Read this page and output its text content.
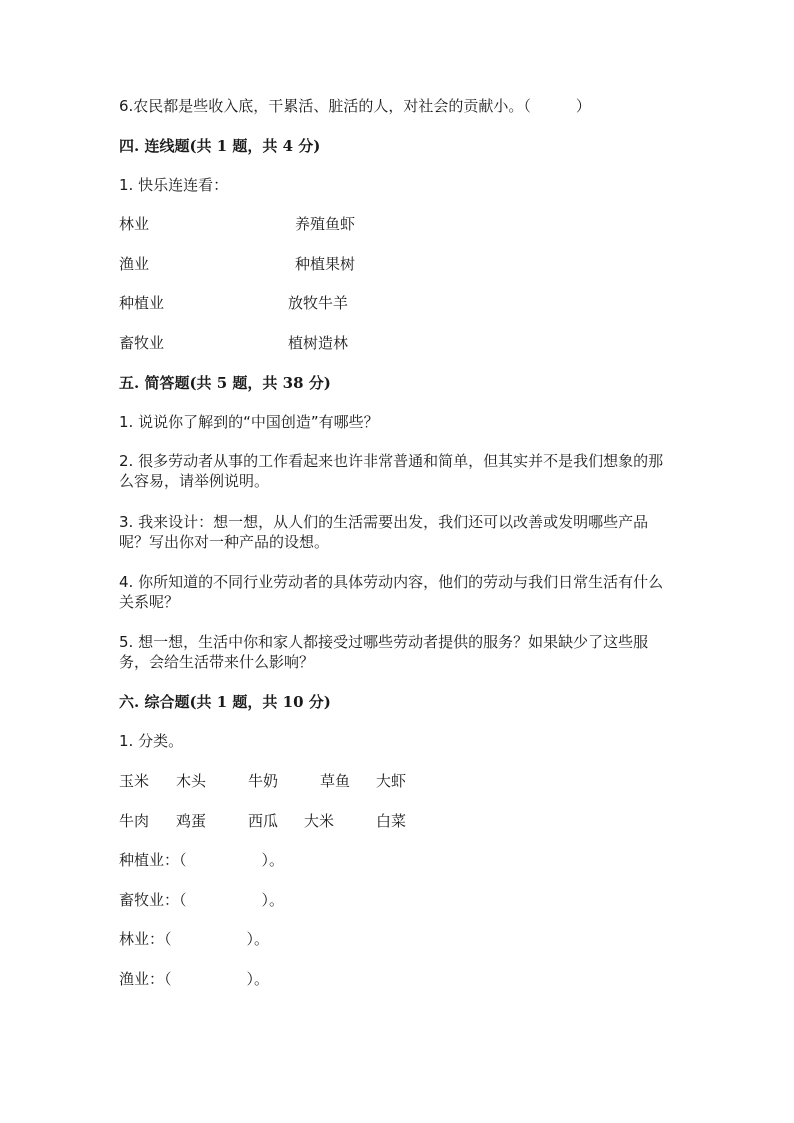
6.农民都是些收入底，干累活、脏活的人，对社会的贡献小。（　　　）
四. 连线题(共 1 题，共 4 分)
1. 快乐连连看：
林业	养殖鱼虾
渔业	种植果树
种植业	放牧牛羊
畜牧业	植树造林
五. 简答题(共 5 题，共 38 分)
1. 说说你了解到的“中国创造”有哪些？
2. 很多劳动者从事的工作看起来也许非常普通和简单，但其实并不是我们想象的那么容易，请举例说明。
3. 我来设计：想一想，从人们的生活需要出发，我们还可以改善或发明哪些产品呢？写出你对一种产品的设想。
4. 你所知道的不同行业劳动者的具体劳动内容，他们的劳动与我们日常生活有什么关系呢？
5. 想一想，生活中你和家人都接受过哪些劳动者提供的服务？如果缺少了这些服务，会给生活带来什么影响？
六. 综合题(共 1 题，共 10 分)
1. 分类。
玉米 木头	牛奶	草鱼 大虾
牛肉 鸡蛋	西瓜 大米	白菜
种植业：（　　　　　）。
畜牧业：（　　　　　）。
林业：（　　　　　）。
渔业：（　　　　　）。
